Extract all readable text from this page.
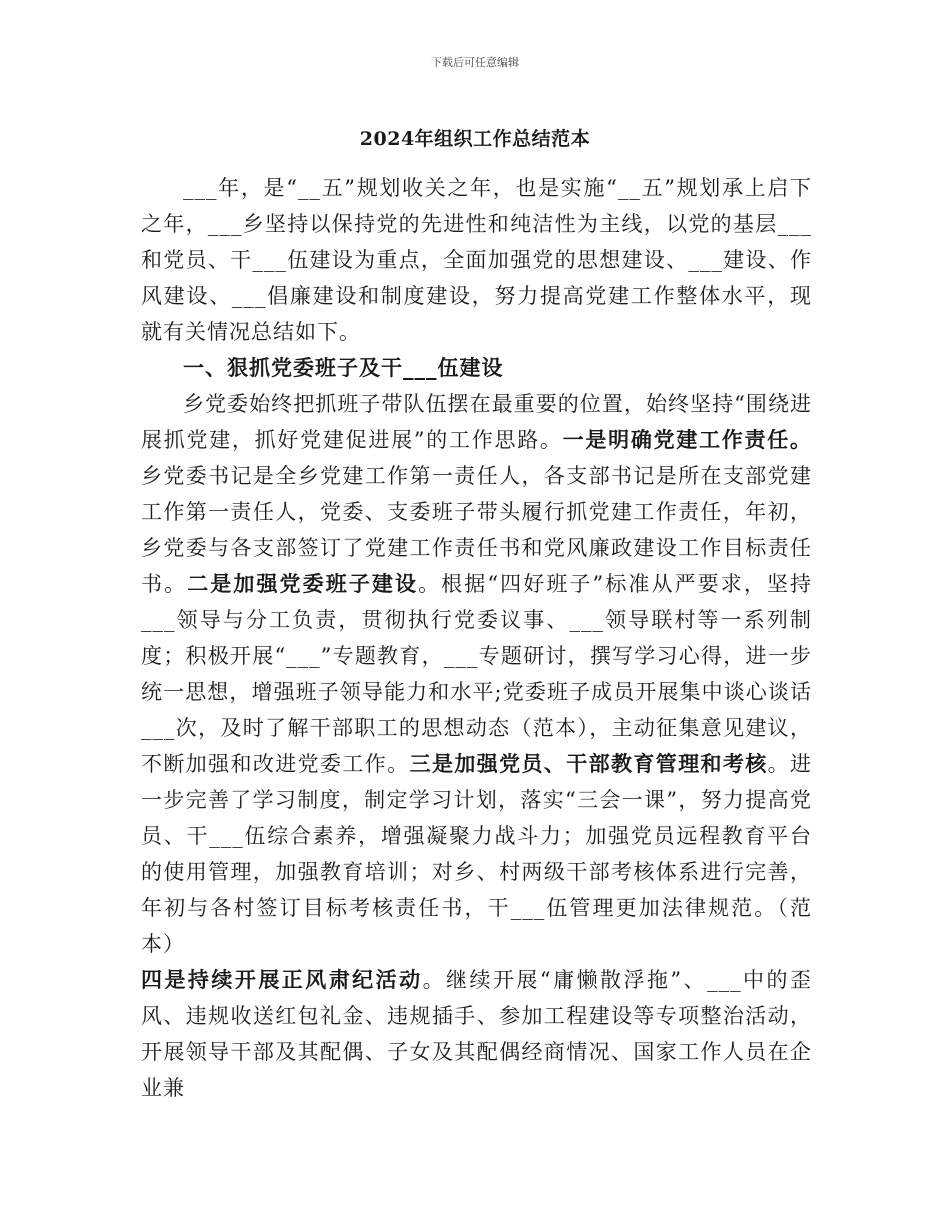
下载后可任意编辑
2024年组织工作总结范本

___年，是“__五”规划收关之年，也是实施“__五”规划承上启下之年，___乡坚持以保持党的先进性和纯洁性为主线，以党的基层___和党员、干___伍建设为重点，全面加强党的思想建设、___建设、作风建设、___倡廉建设和制度建设，努力提高党建工作整体水平，现就有关情况总结如下。

一、狠抓党委班子及干___伍建设

乡党委始终把抓班子带队伍摆在最重要的位置，始终坚持“围绕进展抓党建，抓好党建促进展”的工作思路。一是明确党建工作责任。乡党委书记是全乡党建工作第一责任人，各支部书记是所在支部党建工作第一责任人，党委、支委班子带头履行抓党建工作责任，年初，乡党委与各支部签订了党建工作责任书和党风廉政建设工作目标责任书。二是加强党委班子建设。根据“四好班子”标准从严要求，坚持___领导与分工负责，贯彻执行党委议事、___领导联村等一系列制度；积极开展“___”专题教育，___专题研讨，撰写学习心得，进一步统一思想，增强班子领导能力和水平;党委班子成员开展集中谈心谈话___次，及时了解干部职工的思想动态（范本），主动征集意见建议，不断加强和改进党委工作。三是加强党员、干部教育管理和考核。进一步完善了学习制度，制定学习计划，落实“三会一课”，努力提高党员、干___伍综合素养，增强凝聚力战斗力；加强党员远程教育平台的使用管理，加强教育培训；对乡、村两级干部考核体系进行完善，年初与各村签订目标考核责任书，干___伍管理更加法律规范。（范本）

四是持续开展正风肃纪活动。继续开展“庸懒散浮拖”、___中的歪风、违规收送红包礼金、违规插手、参加工程建设等专项整治活动，开展领导干部及其配偶、子女及其配偶经商情况、国家工作人员在企业兼
